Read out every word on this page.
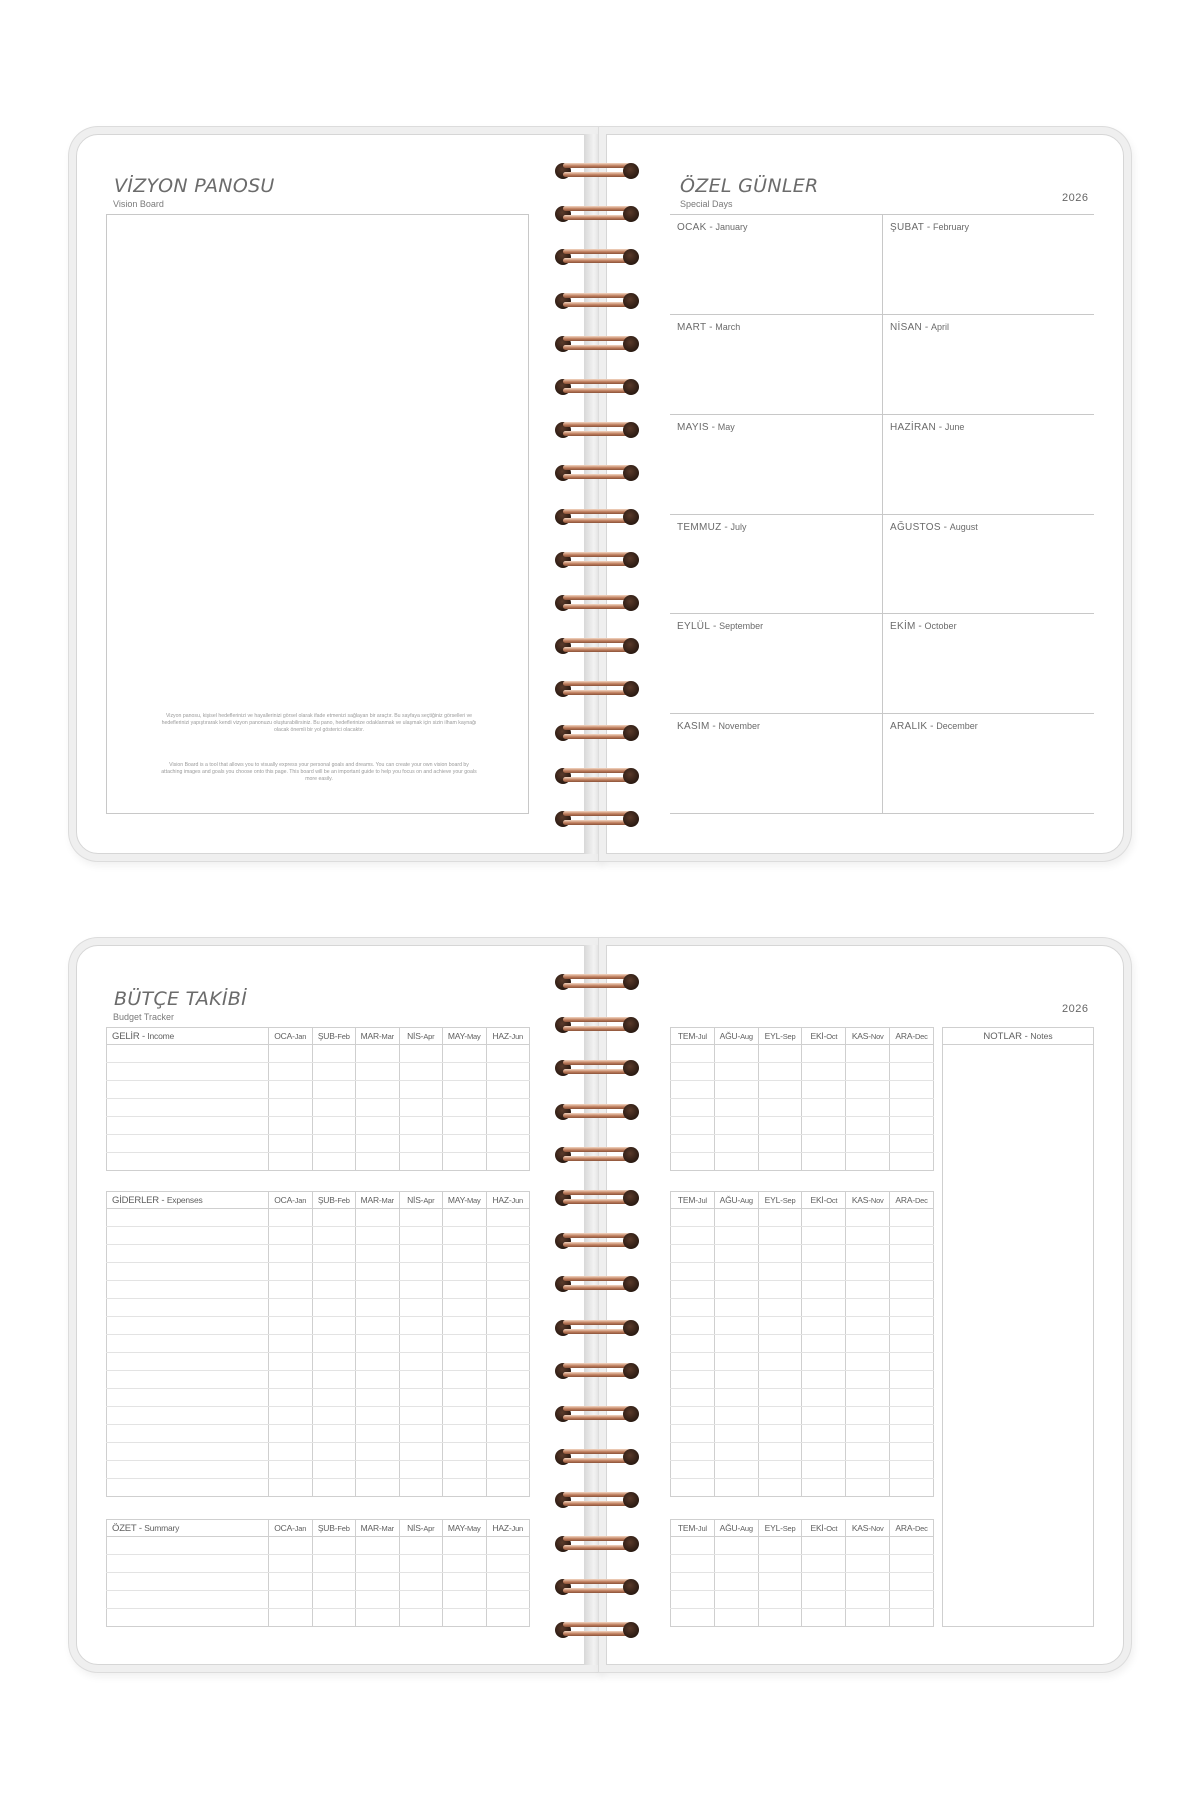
VİZYON PANOSU
Vision Board
Vizyon panosu, kişisel hedeflerinizi ve hayallerinizi görsel olarak ifade etmenizi sağlayan bir araçtır. Bu sayfaya seçtiğiniz görselleri ve hedeflerinizi yapıştırarak kendi vizyon panonuzu oluşturabilirsiniz. Bu pano, hedeflerinize odaklanmak ve ulaşmak için sizin ilham kaynağı olacak önemli bir yol gösterici olacaktır.
Vision Board is a tool that allows you to visually express your personal goals and dreams. You can create your own vision board by attaching images and goals you choose onto this page. This board will be an important guide to help you focus on and achieve your goals more easily.
ÖZEL GÜNLER
Special Days	2026
OCAK - January	ŞUBAT - February
MART - March	NİSAN - April
MAYIS - May	HAZİRAN - June
TEMMUZ - July	AĞUSTOS - August
EYLÜL - September	EKİM - October
KASIM - November	ARALIK - December
BÜTÇE TAKİBİ
Budget Tracker
2026
GELİR - Income	OCA-Jan	ŞUB-Feb	MAR-Mar	NİS-Apr	MAY-May	HAZ-Jun

GİDERLER - Expenses	OCA-Jan	ŞUB-Feb	MAR-Mar	NİS-Apr	MAY-May	HAZ-Jun

ÖZET - Summary	OCA-Jan	ŞUB-Feb	MAR-Mar	NİS-Apr	MAY-May	HAZ-Jun

TEM-Jul	AĞU-Aug	EYL-Sep	EKİ-Oct	KAS-Nov	ARA-Dec

TEM-Jul	AĞU-Aug	EYL-Sep	EKİ-Oct	KAS-Nov	ARA-Dec

TEM-Jul	AĞU-Aug	EYL-Sep	EKİ-Oct	KAS-Nov	ARA-Dec

NOTLAR - Notes
